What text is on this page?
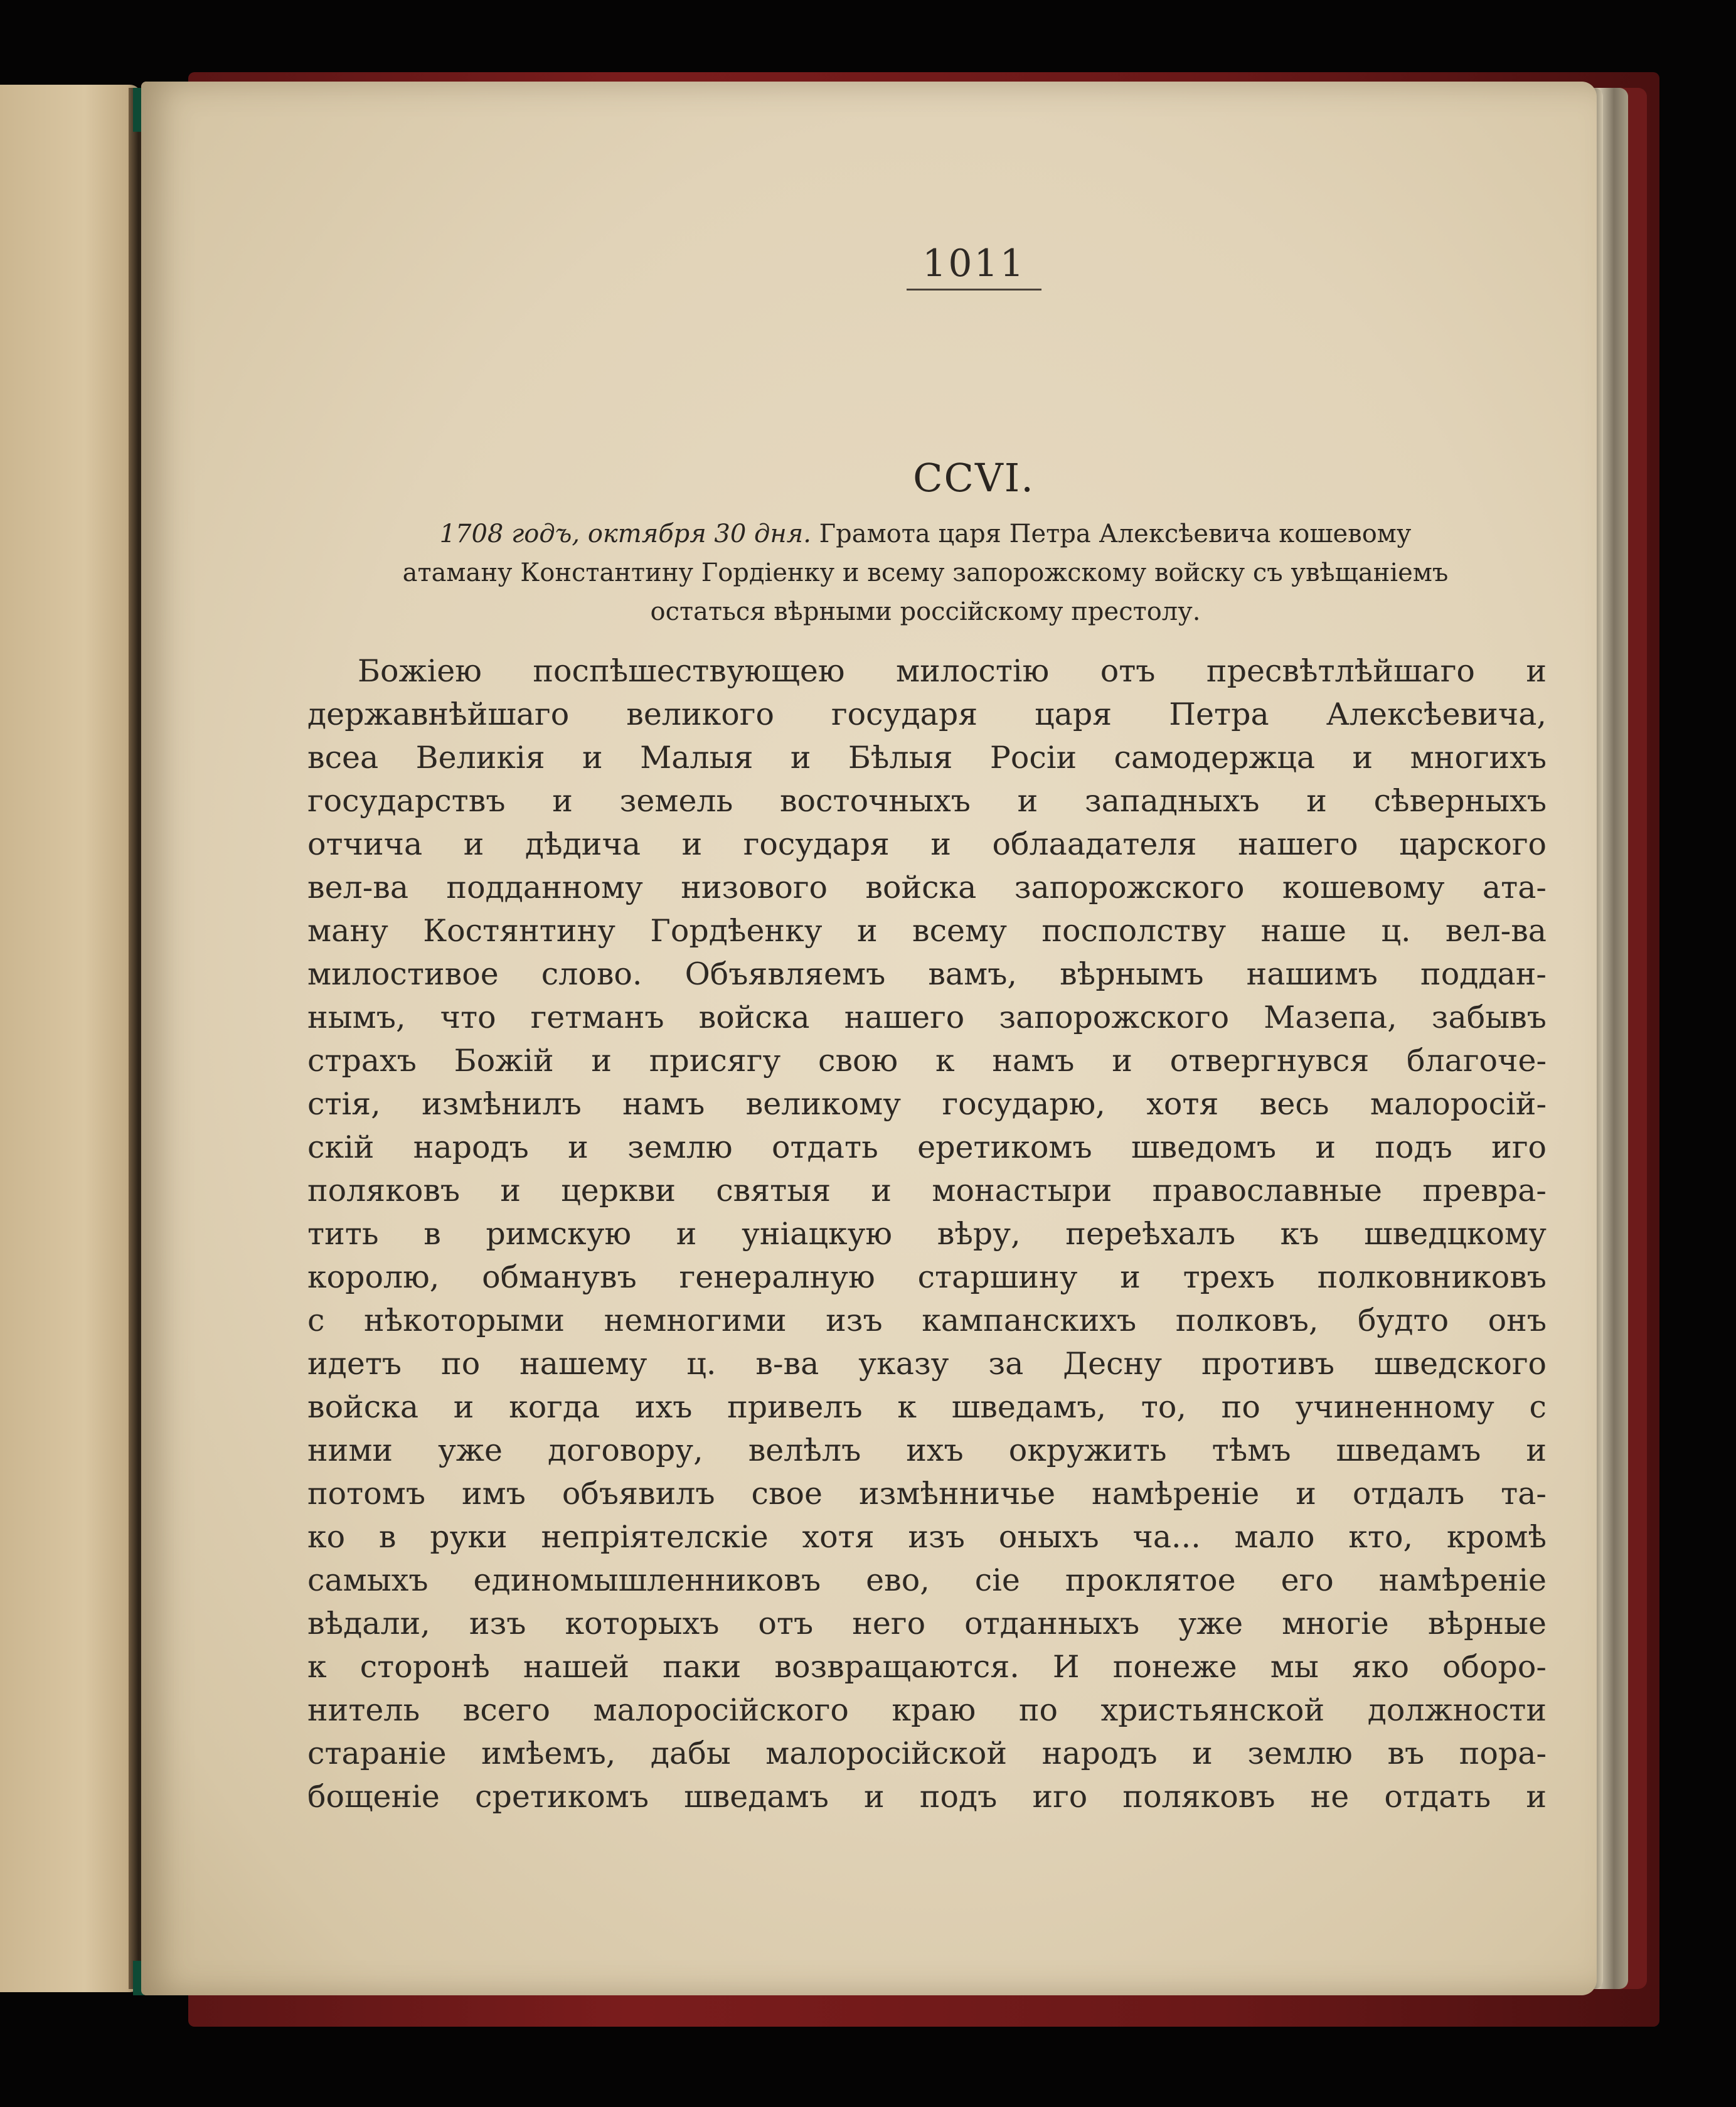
1011
CCVI.
1708 годъ, октября 30 дня. Грамота царя Петра Алексѣевича кошевому
атаману Константину Гордіенку и всему запорожскому войску съ увѣщаніемъ
остаться вѣрными россійскому престолу.
Божіею поспѣшествующею милостію отъ пресвѣтлѣйшаго и
державнѣйшаго великого государя царя Петра Алексѣевича,
всеа Великія и Малыя и Бѣлыя Росіи самодержца и многихъ
государствъ и земель восточныхъ и западныхъ и сѣверныхъ
отчича и дѣдича и государя и облаадателя нашего царского
вел-ва подданному низового войска запорожского кошевому ата-
ману Костянтину Гордѣенку и всему посполству наше ц. вел-ва
милостивое слово. Объявляемъ вамъ, вѣрнымъ нашимъ поддан-
нымъ, что гетманъ войска нашего запорожского Мазепа, забывъ
страхъ Божій и присягу свою к намъ и отвергнувся благоче-
стія, измѣнилъ намъ великому государю, хотя весь малоросій-
скій народъ и землю отдать еретикомъ шведомъ и подъ иго
поляковъ и церкви святыя и монастыри православные превра-
тить в римскую и уніацкую вѣру, переѣхалъ къ шведцкому
королю, обманувъ генералную старшину и трехъ полковниковъ
с нѣкоторыми немногими изъ кампанскихъ полковъ, будто онъ
идетъ по нашему ц. в-ва указу за Десну противъ шведского
войска и когда ихъ привелъ к шведамъ, то, по учиненному с
ними уже договору, велѣлъ ихъ окружить тѣмъ шведамъ и
потомъ имъ объявилъ свое измѣнничье намѣреніе и отдалъ та-
ко в руки непріятелскіе хотя изъ оныхъ ча... мало кто, кромѣ
самыхъ единомышленниковъ ево, сіе проклятое его намѣреніе
вѣдали, изъ которыхъ отъ него отданныхъ уже многіе вѣрные
к сторонѣ нашей паки возвращаются. И понеже мы яко оборо-
нитель всего малоросійского краю по христьянской должности
стараніе имѣемъ, дабы малоросійской народъ и землю въ пора-
бощеніе сретикомъ шведамъ и подъ иго поляковъ не отдать и
